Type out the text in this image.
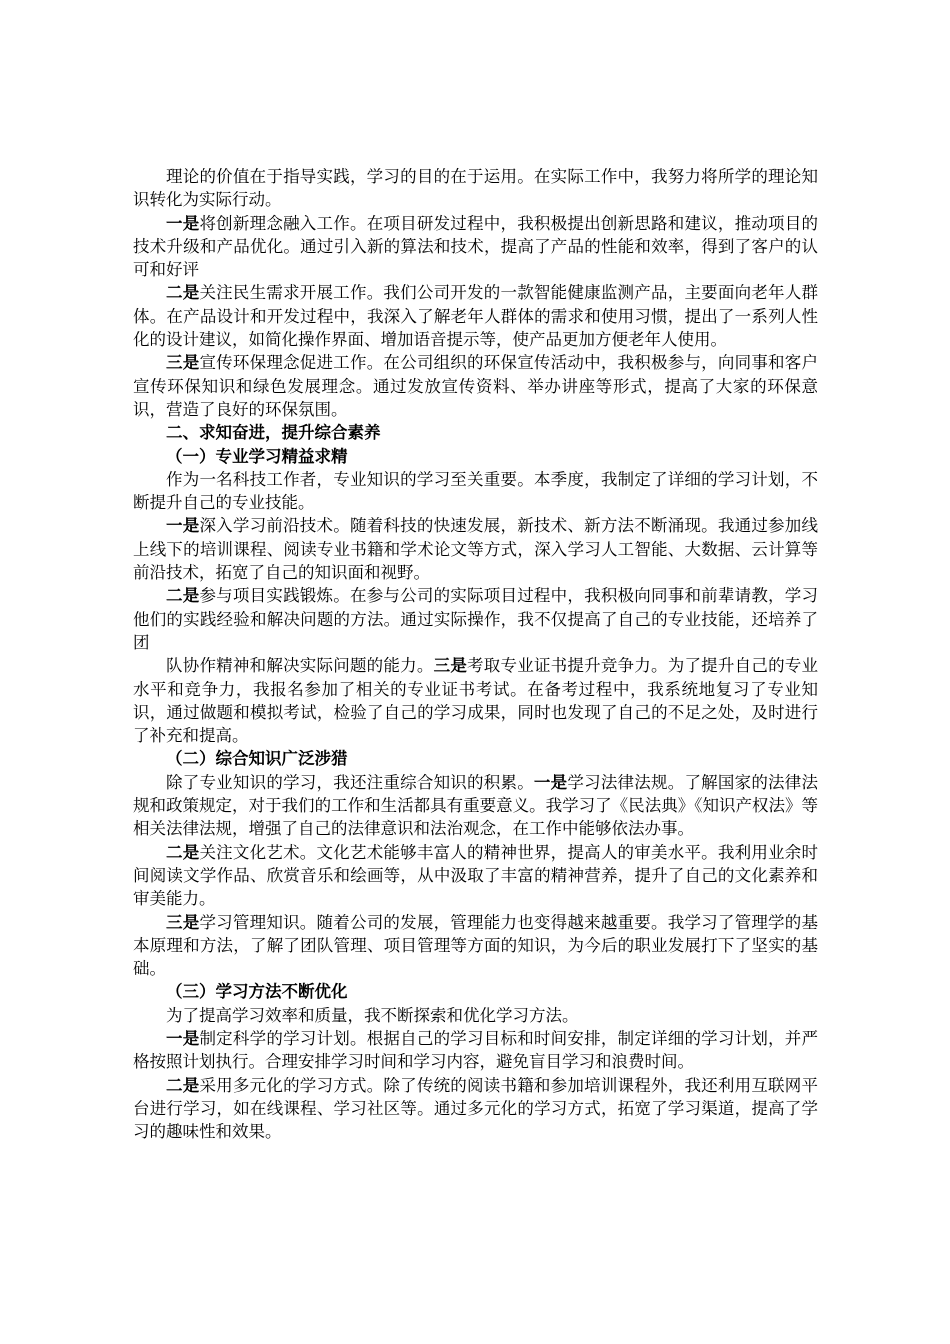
理论的价值在于指导实践，学习的目的在于运用。在实际工作中，我努力将所学的理论知识转化为实际行动。

一是将创新理念融入工作。在项目研发过程中，我积极提出创新思路和建议，推动项目的技术升级和产品优化。通过引入新的算法和技术，提高了产品的性能和效率，得到了客户的认可和好评

二是关注民生需求开展工作。我们公司开发的一款智能健康监测产品，主要面向老年人群体。在产品设计和开发过程中，我深入了解老年人群体的需求和使用习惯，提出了一系列人性化的设计建议，如简化操作界面、增加语音提示等，使产品更加方便老年人使用。

三是宣传环保理念促进工作。在公司组织的环保宣传活动中，我积极参与，向同事和客户宣传环保知识和绿色发展理念。通过发放宣传资料、举办讲座等形式，提高了大家的环保意识，营造了良好的环保氛围。

二、求知奋进，提升综合素养

（一）专业学习精益求精

作为一名科技工作者，专业知识的学习至关重要。本季度，我制定了详细的学习计划，不断提升自己的专业技能。

一是深入学习前沿技术。随着科技的快速发展，新技术、新方法不断涌现。我通过参加线上线下的培训课程、阅读专业书籍和学术论文等方式，深入学习人工智能、大数据、云计算等前沿技术，拓宽了自己的知识面和视野。

二是参与项目实践锻炼。在参与公司的实际项目过程中，我积极向同事和前辈请教，学习他们的实践经验和解决问题的方法。通过实际操作，我不仅提高了自己的专业技能，还培养了团

队协作精神和解决实际问题的能力。三是考取专业证书提升竞争力。为了提升自己的专业水平和竞争力，我报名参加了相关的专业证书考试。在备考过程中，我系统地复习了专业知识，通过做题和模拟考试，检验了自己的学习成果，同时也发现了自己的不足之处，及时进行了补充和提高。

（二）综合知识广泛涉猎

除了专业知识的学习，我还注重综合知识的积累。一是学习法律法规。了解国家的法律法规和政策规定，对于我们的工作和生活都具有重要意义。我学习了《民法典》《知识产权法》等相关法律法规，增强了自己的法律意识和法治观念，在工作中能够依法办事。

二是关注文化艺术。文化艺术能够丰富人的精神世界，提高人的审美水平。我利用业余时间阅读文学作品、欣赏音乐和绘画等，从中汲取了丰富的精神营养，提升了自己的文化素养和审美能力。

三是学习管理知识。随着公司的发展，管理能力也变得越来越重要。我学习了管理学的基本原理和方法，了解了团队管理、项目管理等方面的知识，为今后的职业发展打下了坚实的基础。

（三）学习方法不断优化

为了提高学习效率和质量，我不断探索和优化学习方法。

一是制定科学的学习计划。根据自己的学习目标和时间安排，制定详细的学习计划，并严格按照计划执行。合理安排学习时间和学习内容，避免盲目学习和浪费时间。

二是采用多元化的学习方式。除了传统的阅读书籍和参加培训课程外，我还利用互联网平台进行学习，如在线课程、学习社区等。通过多元化的学习方式，拓宽了学习渠道，提高了学习的趣味性和效果。
